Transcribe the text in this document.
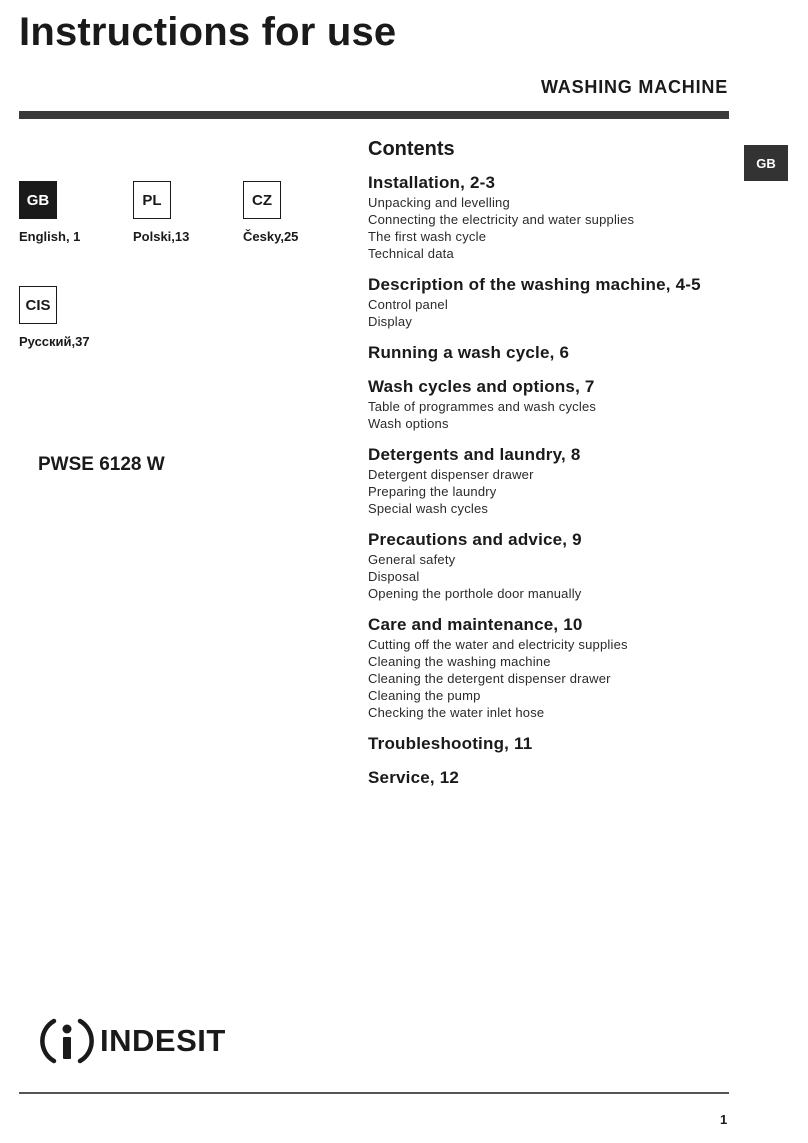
Instructions for use
WASHING MACHINE
GB
GB
English, 1
PL
Polski,13
CZ
Česky,25
CIS
Русский,37
PWSE 6128 W
Contents
Installation, 2-3
Unpacking and levelling
Connecting the electricity and water supplies
The first wash cycle
Technical data
Description of the washing machine, 4-5
Control panel
Display
Running a wash cycle, 6
Wash cycles and options, 7
Table of programmes and wash cycles
Wash options
Detergents and laundry, 8
Detergent dispenser drawer
Preparing the laundry
Special wash cycles
Precautions and advice, 9
General safety
Disposal
Opening the porthole door manually
Care and maintenance, 10
Cutting off the water and electricity supplies
Cleaning the washing machine
Cleaning the detergent dispenser drawer
Cleaning the pump
Checking the water inlet hose
Troubleshooting, 11
Service, 12
INDESIT
1
